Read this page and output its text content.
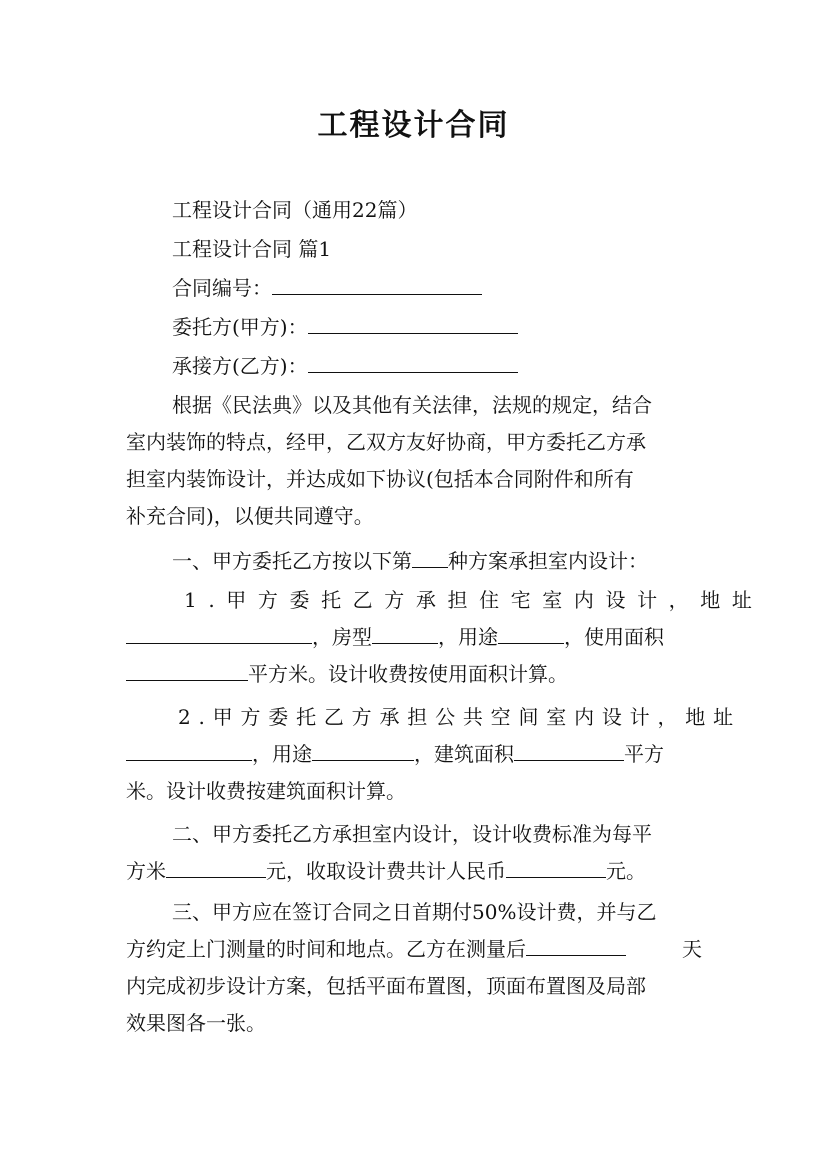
工程设计合同
工程设计合同（通用22篇）
工程设计合同 篇1
合同编号：
委托方(甲方)：
承接方(乙方)：
根据《民法典》以及其他有关法律，法规的规定，结合
室内装饰的特点，经甲，乙双方友好协商，甲方委托乙方承
担室内装饰设计，并达成如下协议(包括本合同附件和所有
补充合同)，以便共同遵守。
一、甲方委托乙方按以下第 种方案承担室内设计：
1.甲方委托乙方承担住宅室内设计，地址
，房型	，用途	，使用面积
平方米。设计收费按使用面积计算。
2.甲方委托乙方承担公共空间室内设计，地址
，用途	，建筑面积	平方
米。设计收费按建筑面积计算。
二、甲方委托乙方承担室内设计，设计收费标准为每平
方米	元，收取设计费共计人民币	元。
三、甲方应在签订合同之日首期付50%设计费，并与乙
方约定上门测量的时间和地点。乙方在测量后	天
内完成初步设计方案，包括平面布置图，顶面布置图及局部
效果图各一张。
